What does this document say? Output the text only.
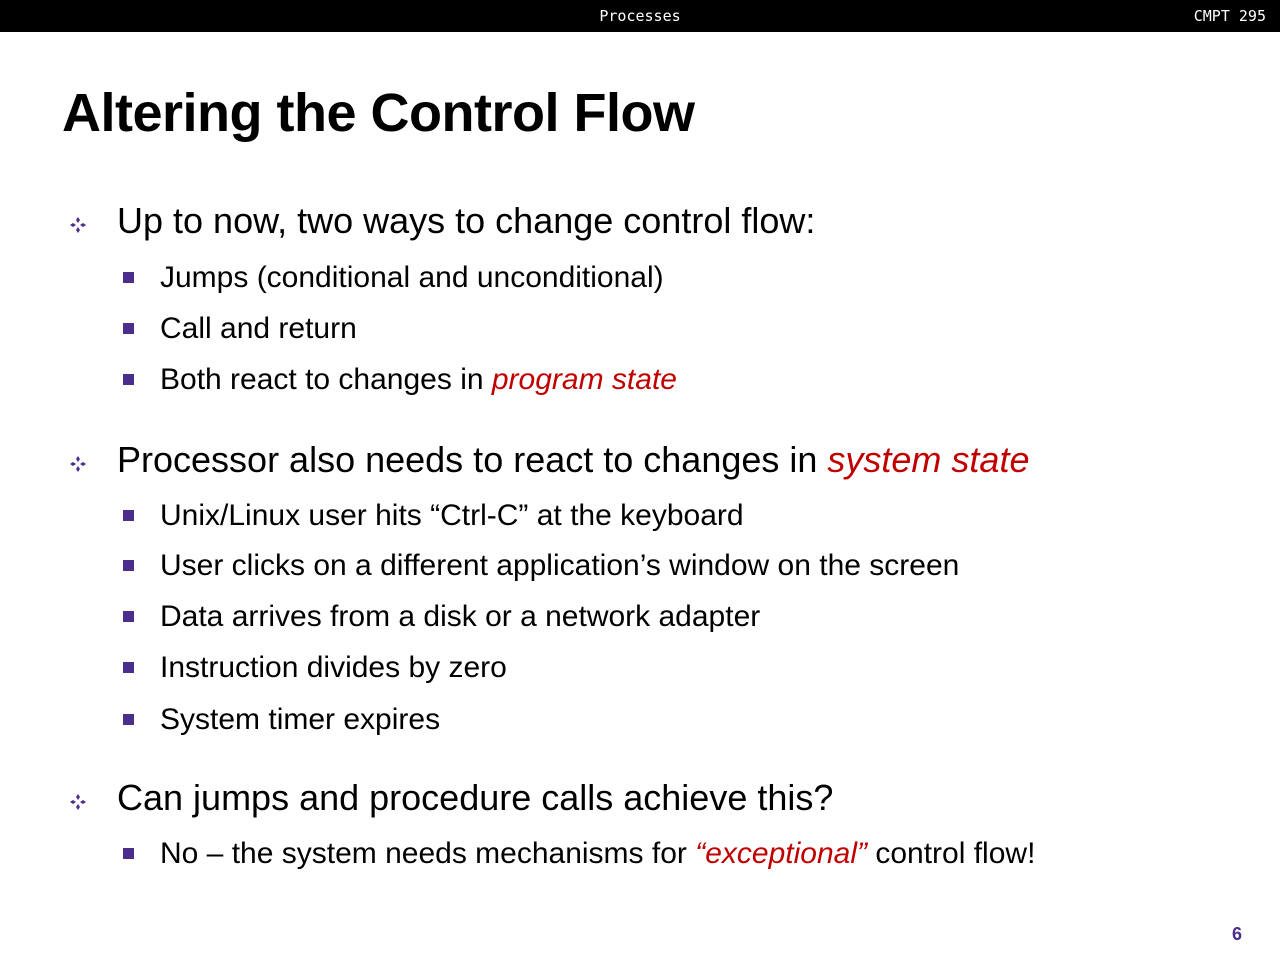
Processes	CMPT 295
Altering the Control Flow
Up to now, two ways to change control flow:
Jumps (conditional and unconditional)
Call and return
Both react to changes in program state
Processor also needs to react to changes in system state
Unix/Linux user hits “Ctrl-C” at the keyboard
User clicks on a different application’s window on the screen
Data arrives from a disk or a network adapter
Instruction divides by zero
System timer expires
Can jumps and procedure calls achieve this?
No – the system needs mechanisms for “exceptional” control flow!
6
